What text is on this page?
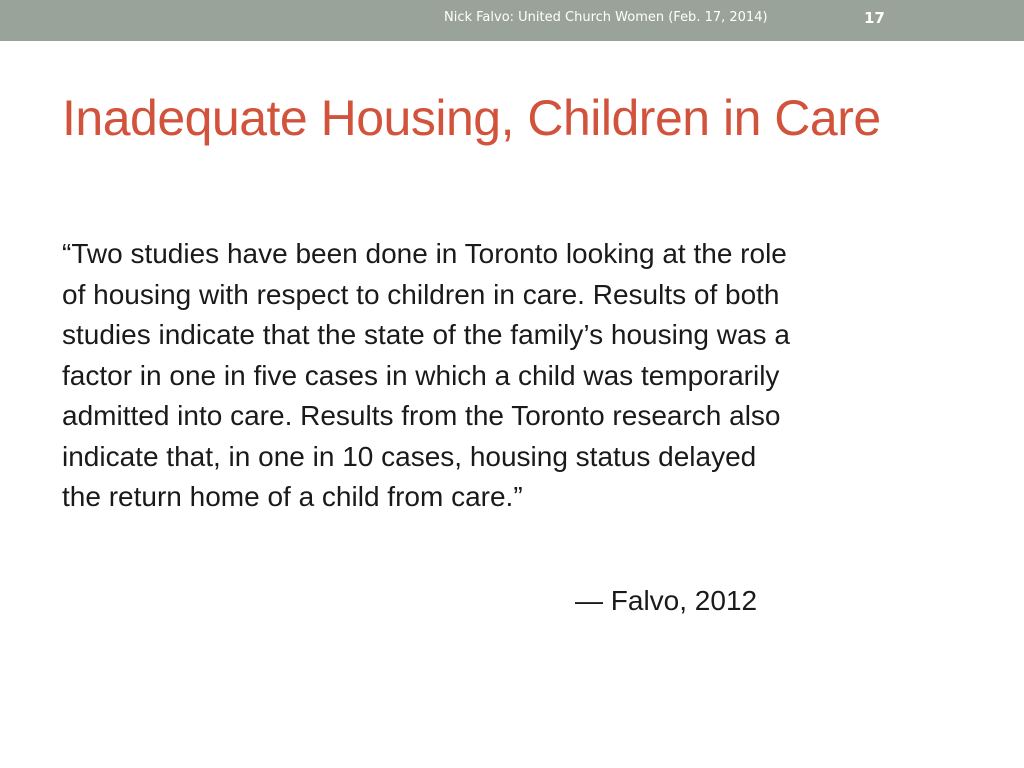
Nick Falvo: United Church Women (Feb. 17, 2014)	17
Inadequate Housing, Children in Care
“Two studies have been done in Toronto looking at the role
of housing with respect to children in care. Results of both
studies indicate that the state of the family’s housing was a
factor in one in five cases in which a child was temporarily
admitted into care. Results from the Toronto research also
indicate that, in one in 10 cases, housing status delayed
the return home of a child from care.”

— Falvo, 2012
